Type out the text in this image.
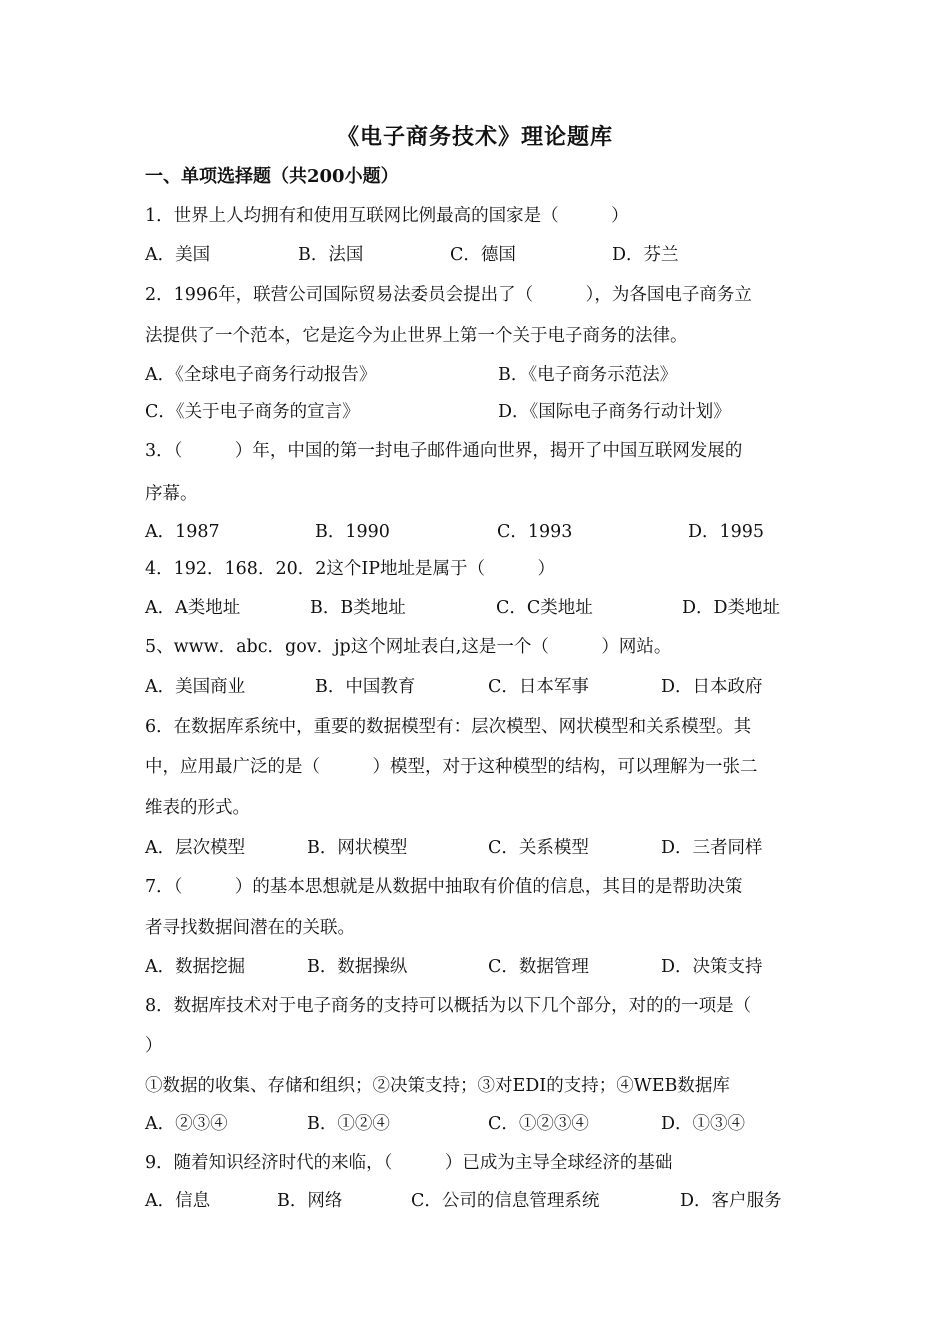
《电子商务技术》理论题库
一、单项选择题（共200小题）
1．世界上人均拥有和使用互联网比例最高的国家是（　　　）
A．美国	B．法国	C．德国	D．芬兰
2．1996年，联营公司国际贸易法委员会提出了（　　　），为各国电子商务立
法提供了一个范本，它是迄今为止世界上第一个关于电子商务的法律。
A．《全球电子商务行动报告》	B．《电子商务示范法》
C．《关于电子商务的宣言》	D．《国际电子商务行动计划》
3．（　　　）年，中国的第一封电子邮件通向世界，揭开了中国互联网发展的
序幕。
A．1987	B．1990	C．1993	D．1995
4．192．168．20．2这个IP地址是属于（　　　）
A．A类地址	B．B类地址	C．C类地址	D．D类地址
5、www．abc．gov．jp这个网址表白,这是一个（　　　）网站。
A．美国商业	B．中国教育	C．日本军事	D．日本政府
6．在数据库系统中，重要的数据模型有：层次模型、网状模型和关系模型。其
中，应用最广泛的是（　　　）模型，对于这种模型的结构，可以理解为一张二
维表的形式。
A．层次模型	B．网状模型	C．关系模型	D．三者同样
7．（　　　）的基本思想就是从数据中抽取有价值的信息，其目的是帮助决策
者寻找数据间潜在的关联。
A．数据挖掘	B．数据操纵	C．数据管理	D．决策支持
8．数据库技术对于电子商务的支持可以概括为以下几个部分，对的的一项是（
）
①数据的收集、存储和组织；②决策支持；③对EDI的支持；④WEB数据库
A．②③④	B．①②④	C．①②③④	D．①③④
9．随着知识经济时代的来临，（　　　）已成为主导全球经济的基础
A．信息	B．网络	C．公司的信息管理系统	D．客户服务
